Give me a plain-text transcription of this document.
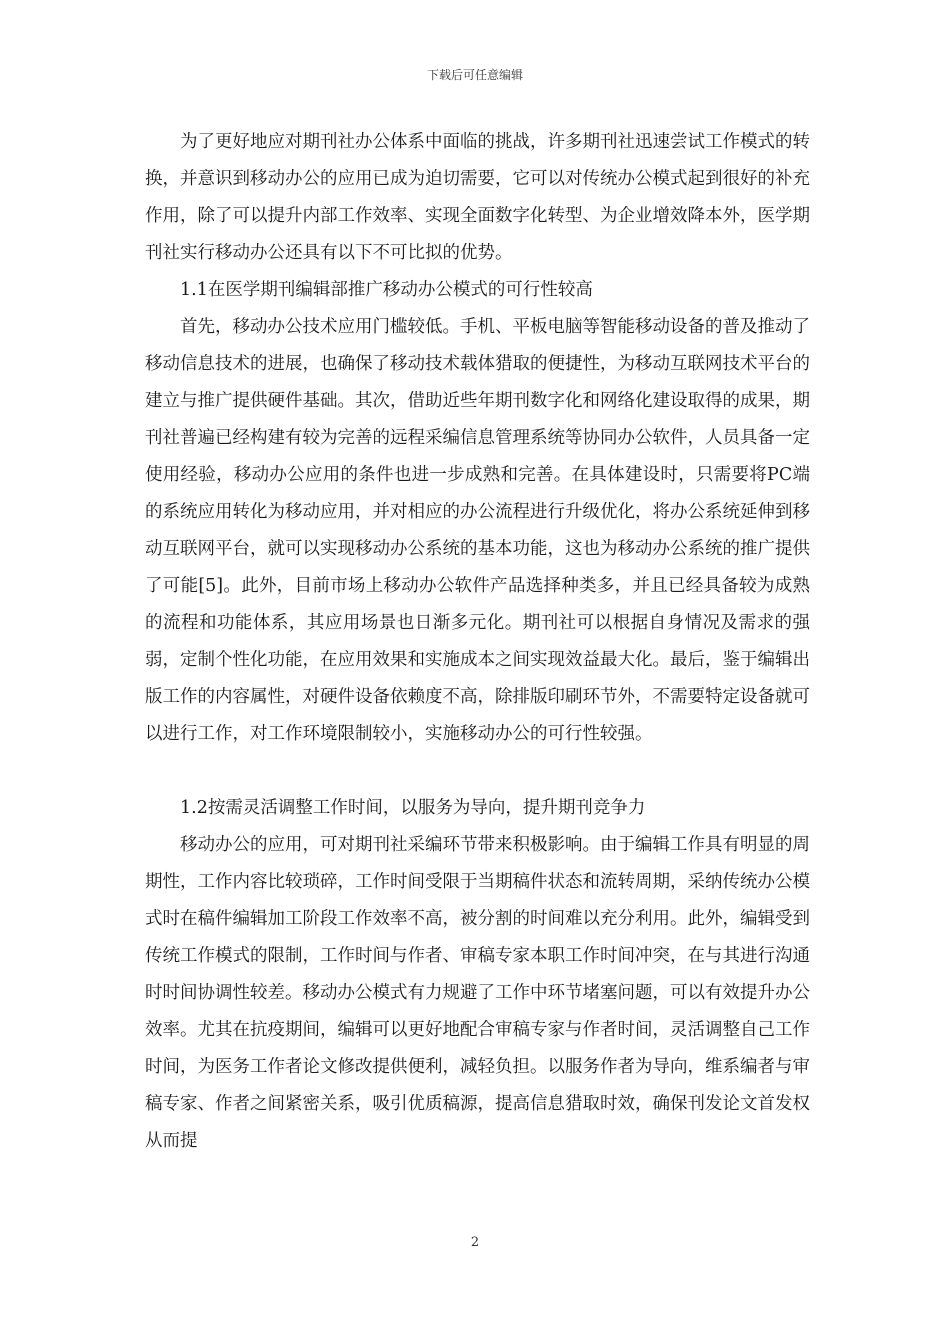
下载后可任意编辑

为了更好地应对期刊社办公体系中面临的挑战，许多期刊社迅速尝试工作模式的转换，并意识到移动办公的应用已成为迫切需要，它可以对传统办公模式起到很好的补充作用，除了可以提升内部工作效率、实现全面数字化转型、为企业增效降本外，医学期刊社实行移动办公还具有以下不可比拟的优势。

1.1在医学期刊编辑部推广移动办公模式的可行性较高

首先，移动办公技术应用门槛较低。手机、平板电脑等智能移动设备的普及推动了移动信息技术的进展，也确保了移动技术载体猎取的便捷性，为移动互联网技术平台的建立与推广提供硬件基础。其次，借助近些年期刊数字化和网络化建设取得的成果，期刊社普遍已经构建有较为完善的远程采编信息管理系统等协同办公软件，人员具备一定使用经验，移动办公应用的条件也进一步成熟和完善。在具体建设时，只需要将PC端的系统应用转化为移动应用，并对相应的办公流程进行升级优化，将办公系统延伸到移动互联网平台，就可以实现移动办公系统的基本功能，这也为移动办公系统的推广提供了可能[5]。此外，目前市场上移动办公软件产品选择种类多，并且已经具备较为成熟的流程和功能体系，其应用场景也日渐多元化。期刊社可以根据自身情况及需求的强弱，定制个性化功能，在应用效果和实施成本之间实现效益最大化。最后，鉴于编辑出版工作的内容属性，对硬件设备依赖度不高，除排版印刷环节外，不需要特定设备就可以进行工作，对工作环境限制较小，实施移动办公的可行性较强。

1.2按需灵活调整工作时间，以服务为导向，提升期刊竞争力

移动办公的应用，可对期刊社采编环节带来积极影响。由于编辑工作具有明显的周期性，工作内容比较琐碎，工作时间受限于当期稿件状态和流转周期，采纳传统办公模式时在稿件编辑加工阶段工作效率不高，被分割的时间难以充分利用。此外，编辑受到传统工作模式的限制，工作时间与作者、审稿专家本职工作时间冲突，在与其进行沟通时时间协调性较差。移动办公模式有力规避了工作中环节堵塞问题，可以有效提升办公效率。尤其在抗疫期间，编辑可以更好地配合审稿专家与作者时间，灵活调整自己工作时间，为医务工作者论文修改提供便利，减轻负担。以服务作者为导向，维系编者与审稿专家、作者之间紧密关系，吸引优质稿源，提高信息猎取时效，确保刊发论文首发权从而提

2
